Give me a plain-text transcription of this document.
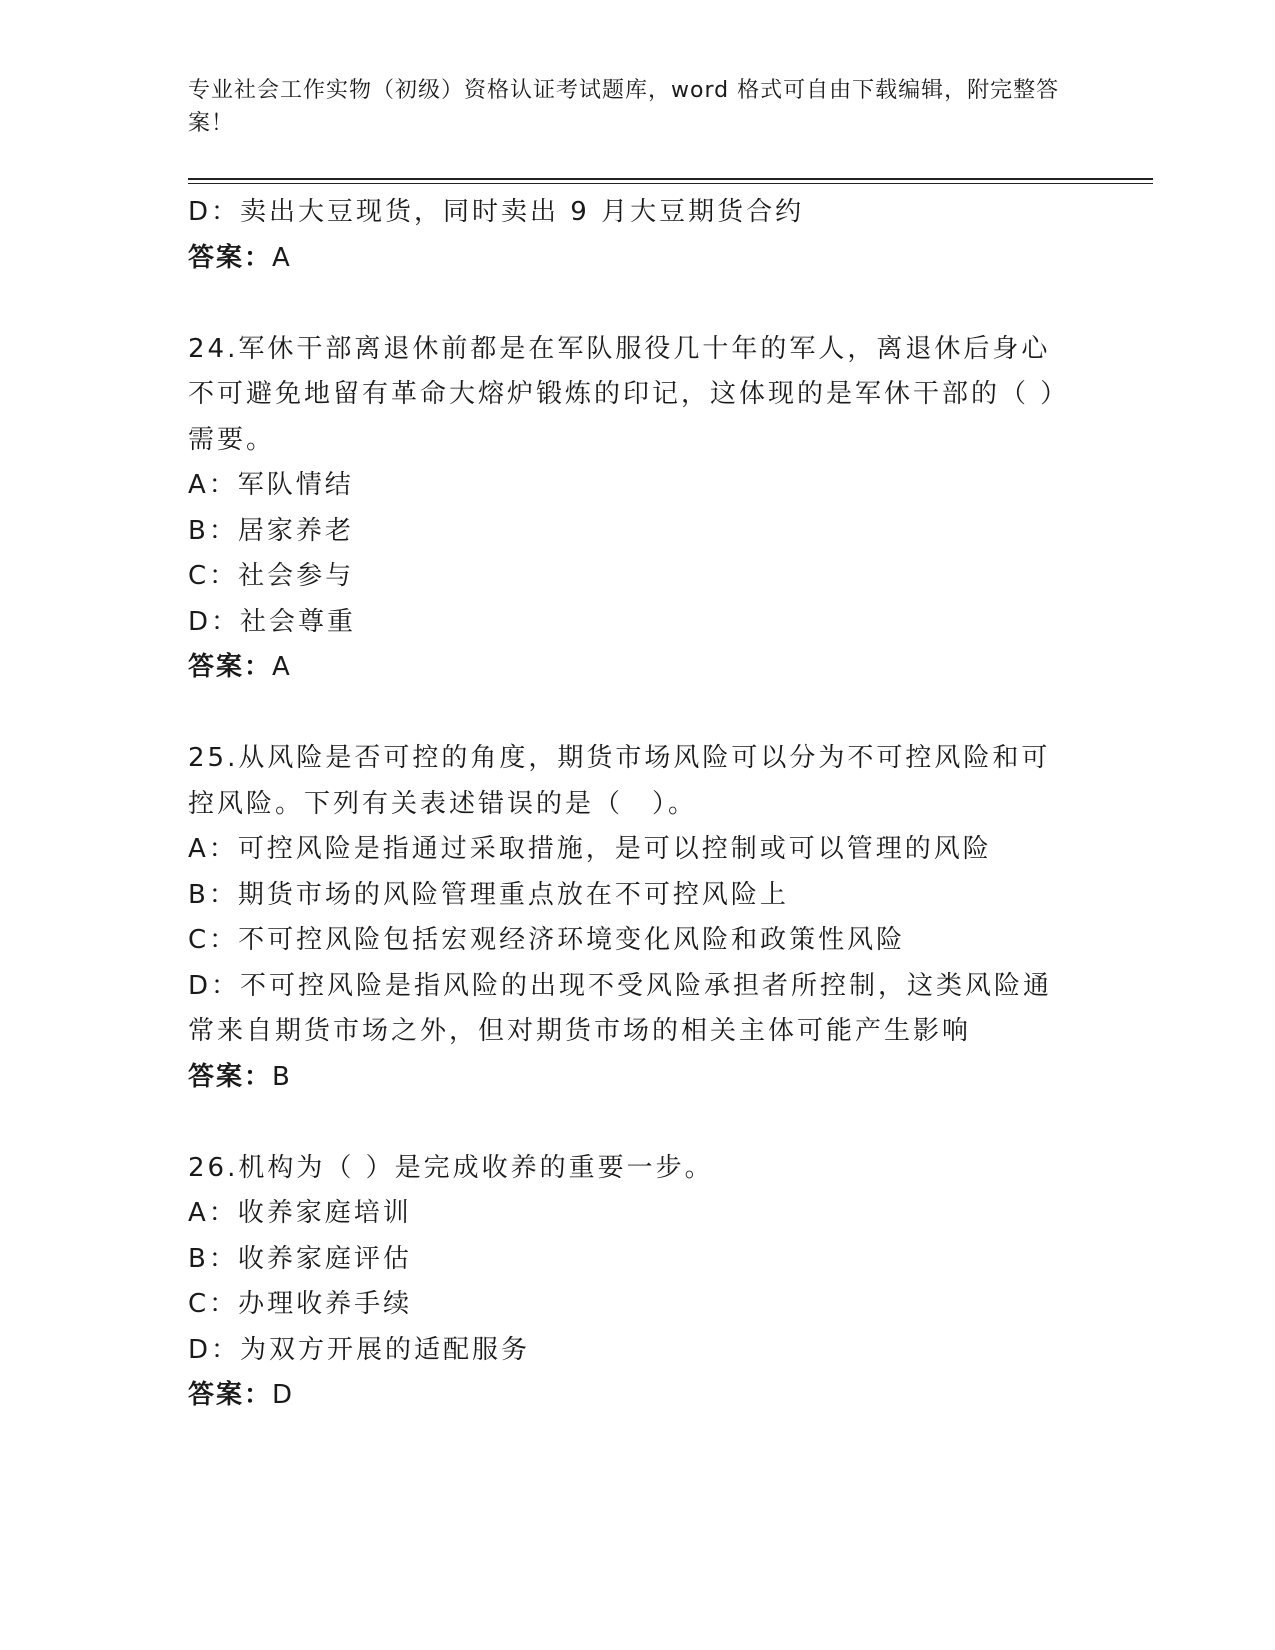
专业社会工作实物（初级）资格认证考试题库，word 格式可自由下载编辑，附完整答案！
D：卖出大豆现货，同时卖出 9 月大豆期货合约
答案：A
24.军休干部离退休前都是在军队服役几十年的军人，离退休后身心不可避免地留有革命大熔炉锻炼的印记，这体现的是军休干部的（ ）需要。
A：军队情结
B：居家养老
C：社会参与
D：社会尊重
答案：A
25.从风险是否可控的角度，期货市场风险可以分为不可控风险和可控风险。下列有关表述错误的是（　）。
A：可控风险是指通过采取措施，是可以控制或可以管理的风险
B：期货市场的风险管理重点放在不可控风险上
C：不可控风险包括宏观经济环境变化风险和政策性风险
D：不可控风险是指风险的出现不受风险承担者所控制，这类风险通常来自期货市场之外，但对期货市场的相关主体可能产生影响
答案：B
26.机构为（ ）是完成收养的重要一步。
A：收养家庭培训
B：收养家庭评估
C：办理收养手续
D：为双方开展的适配服务
答案：D
